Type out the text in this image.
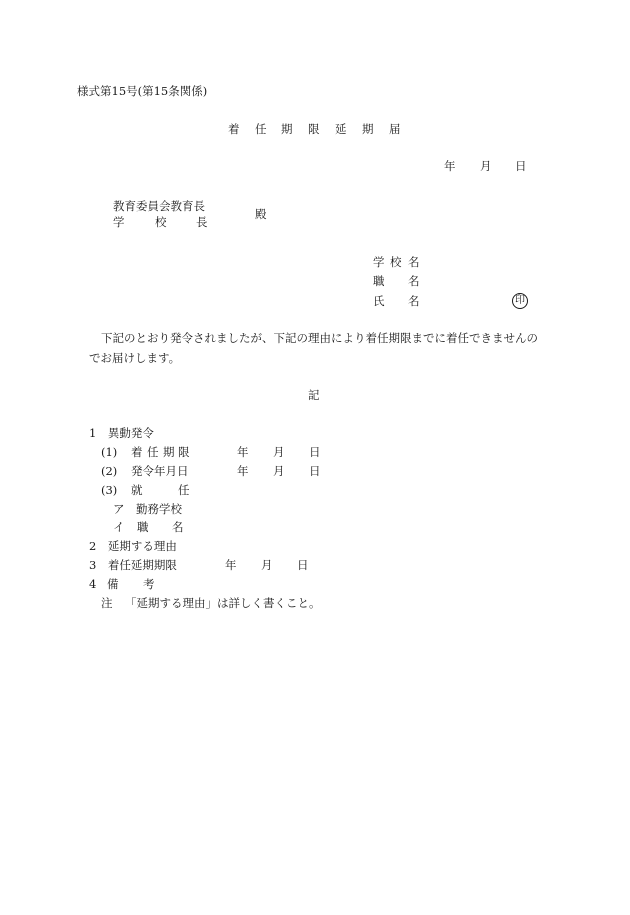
様式第15号(第15条関係)
着 任 期 限 延 期 届
年 月 日
教育委員会教育長
学	校	長
殿
学 校 名
職 名
氏 名	印
下記のとおり発令されましたが、下記の理由により着任期限までに着任できませんの
でお届けします。
記
1　異動発令
(1) 着 任 期 限	年 月 日
(2) 発令年月日	年 月 日
(3) 就	任
ア　勤務学校
イ 職 名
2　延期する理由
3　着任延期期限	年 月 日
4 備 考
注 「延期する理由」は詳しく書くこと。
